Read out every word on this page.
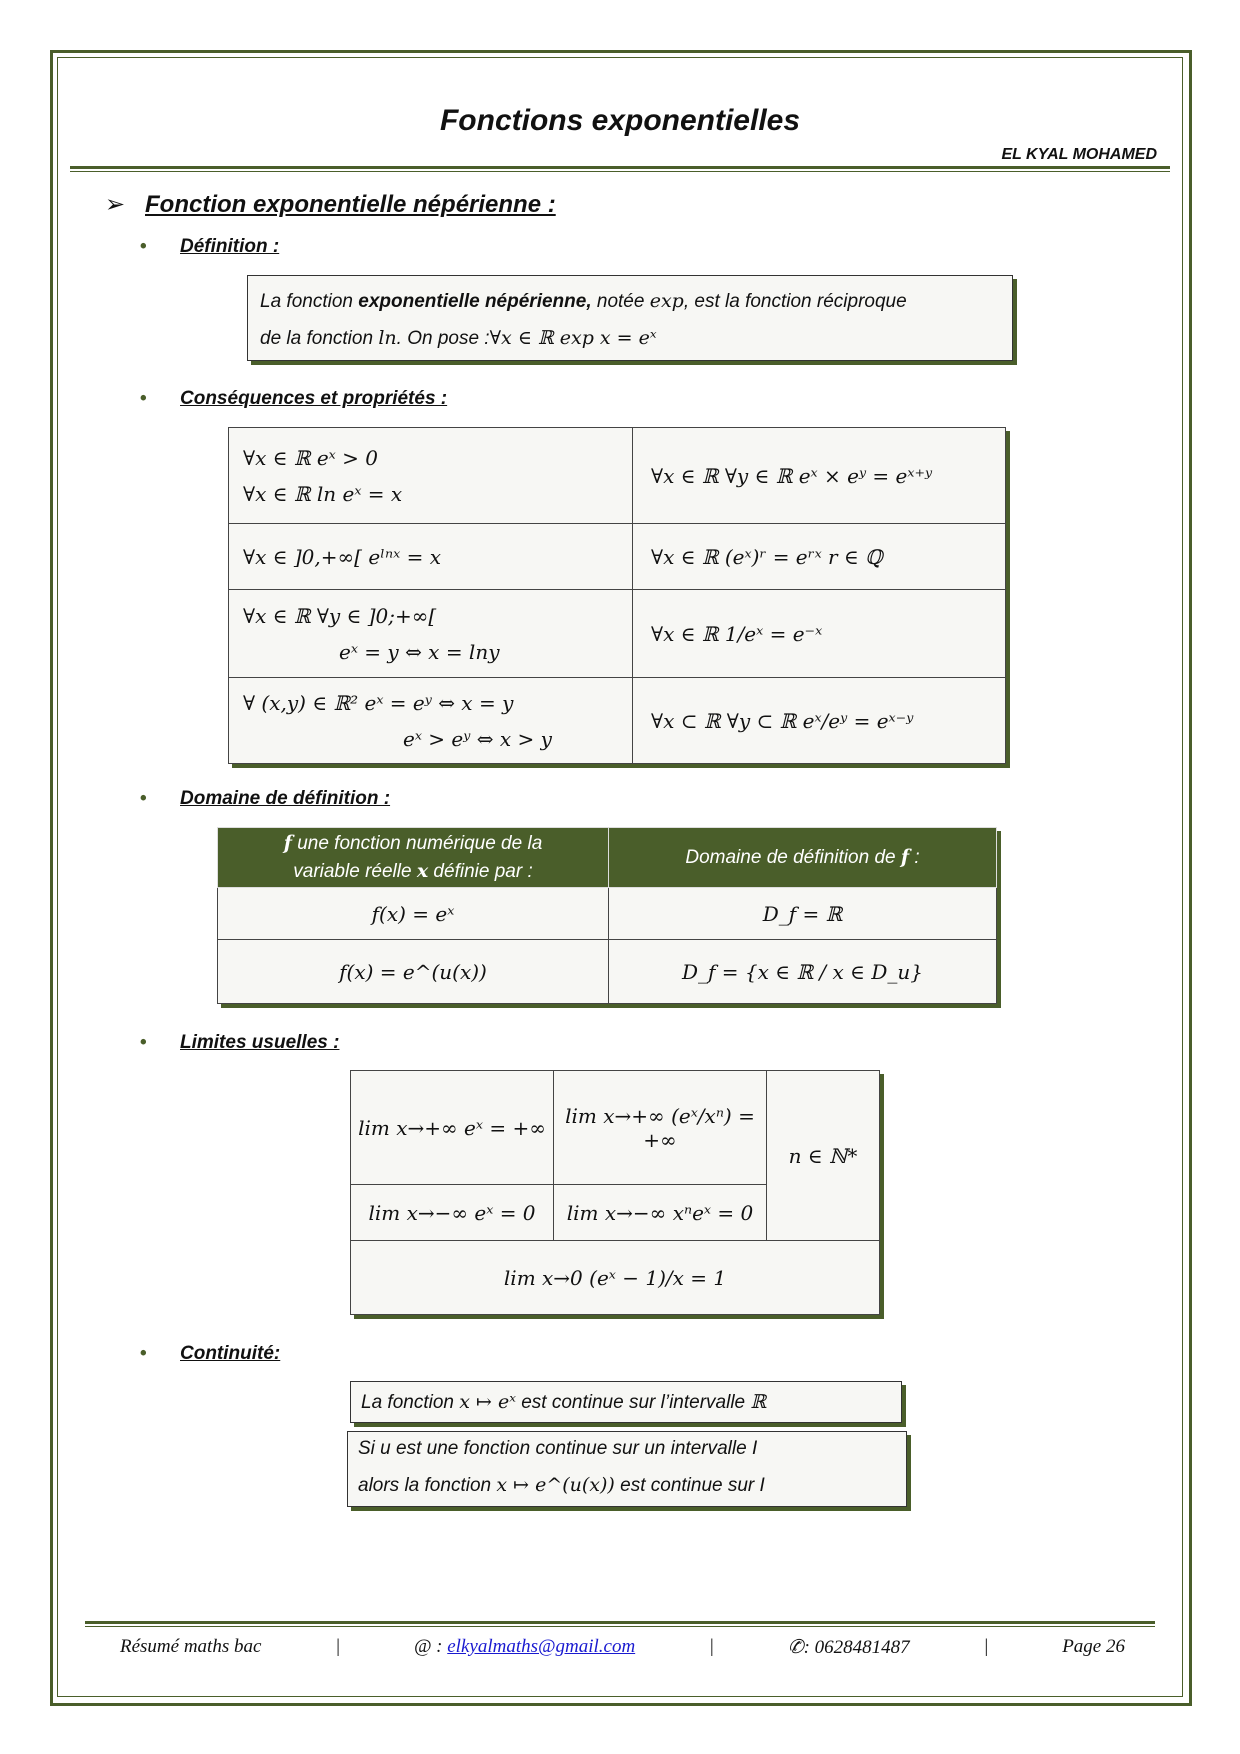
Fonctions exponentielles
EL KYAL MOHAMED
➢ Fonction exponentielle népérienne :
• Définition :
La fonction exponentielle népérienne, notée exp, est la fonction réciproque
de la fonction ln. On pose :∀x ∈ ℝ exp x = eˣ
• Conséquences et propriétés :
∀x ∈ ℝ eˣ > 0
∀x ∈ ℝ ln eˣ = x	∀x ∈ ℝ ∀y ∈ ℝ eˣ × eʸ = eˣ⁺ʸ
∀x ∈ ]0,+∞[ eˡⁿˣ = x	∀x ∈ ℝ (eˣ)ʳ = eʳˣ r ∈ ℚ

∀x ∈ ℝ ∀y ∈ ]0;+∞[
eˣ = y ⇔ x = lny	∀x ∈ ℝ 1/eˣ = e⁻ˣ

∀ (x,y) ∈ ℝ² eˣ = eʸ ⇔ x = y
eˣ > eʸ ⇔ x > y	∀x ⊂ ℝ ∀y ⊂ ℝ eˣ/eʸ = eˣ⁻ʸ
• Domaine de définition :
f une fonction numérique de la
variable réelle x définie par :	Domaine de définition de f :
f(x) = eˣ	D_f = ℝ
f(x) = e^(u(x))	D_f = {x ∈ ℝ / x ∈ D_u}
• Limites usuelles :
lim x→+∞ eˣ = +∞	lim x→+∞ (eˣ/xⁿ) = +∞	n ∈ ℕ*
lim x→−∞ eˣ = 0	lim x→−∞ xⁿeˣ = 0	
lim x→0 (eˣ − 1)/x = 1		
• Continuité:
La fonction x ↦ eˣ est continue sur l’intervalle ℝ
Si u est une fonction continue sur un intervalle I
alors la fonction x ↦ e^(u(x)) est continue sur I
Résumé maths bac	|	@ : elkyalmaths@gmail.com	|	✆: 0628481487	|	Page 26
